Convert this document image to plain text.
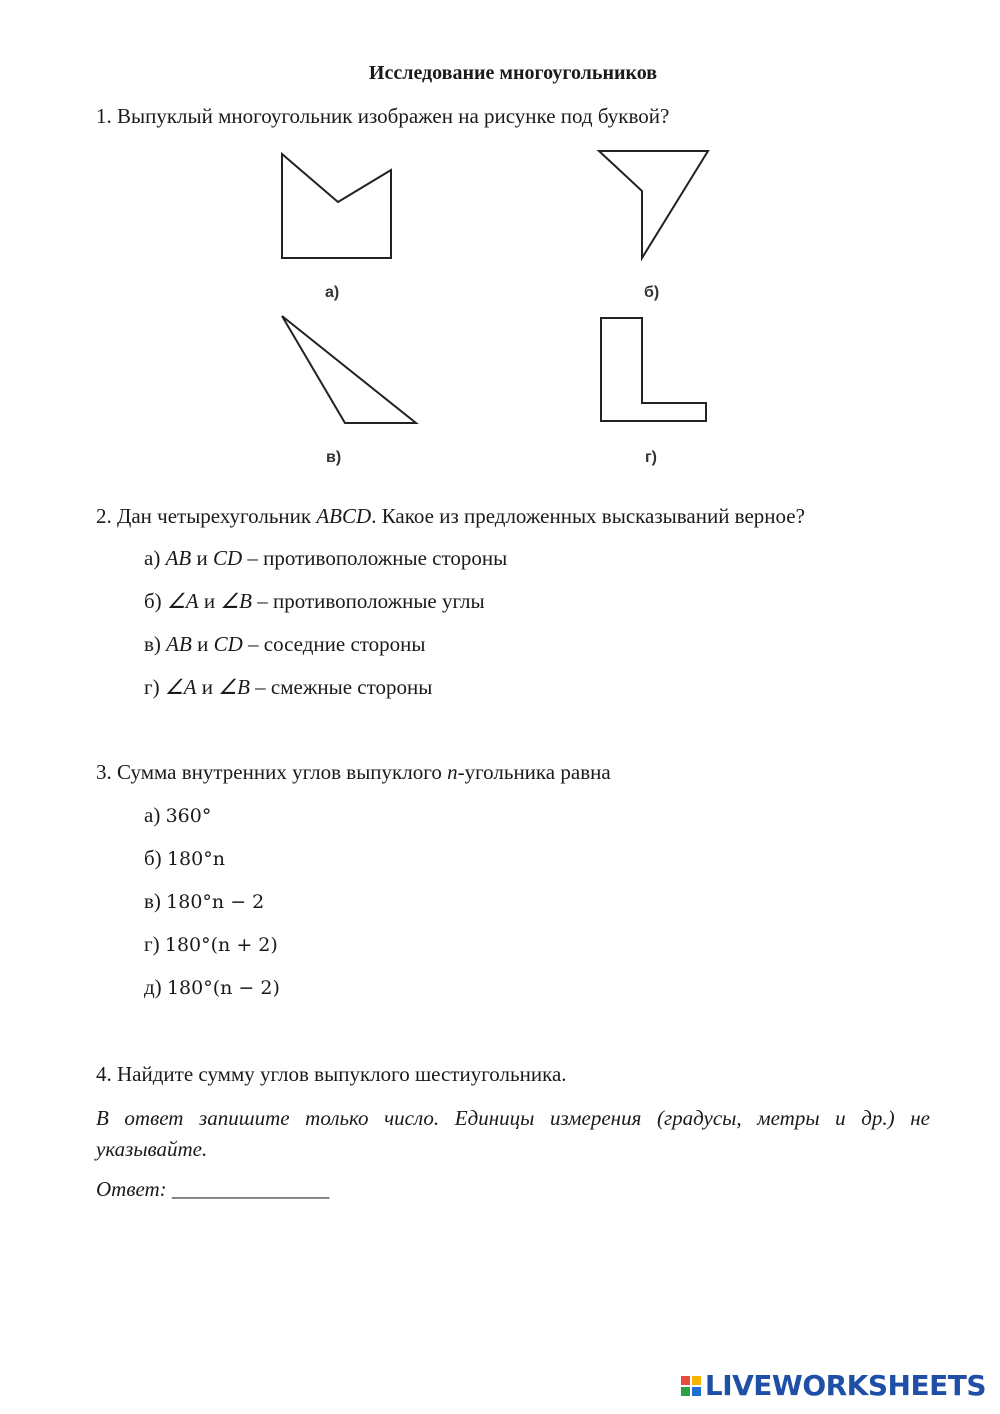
Исследование многоугольников
1. Выпуклый многоугольник изображен на рисунке под буквой?
а)	б)
в)	г)
2. Дан четырехугольник ABCD. Какое из предложенных высказываний верное?
а) AB и CD – противоположные стороны
б) ∠A и ∠B – противоположные углы
в) AB и CD – соседние стороны
г) ∠A и ∠B – смежные стороны
3. Сумма внутренних углов выпуклого n-угольника равна
а) 360°
б) 180°n
в) 180°n − 2
г) 180°(n + 2)
д) 180°(n − 2)
4. Найдите сумму углов выпуклого шестиугольника.
В ответ запишите только число. Единицы измерения (градусы, метры и др.) не указывайте.
Ответ: _______________
LIVEWORKSHEETS
